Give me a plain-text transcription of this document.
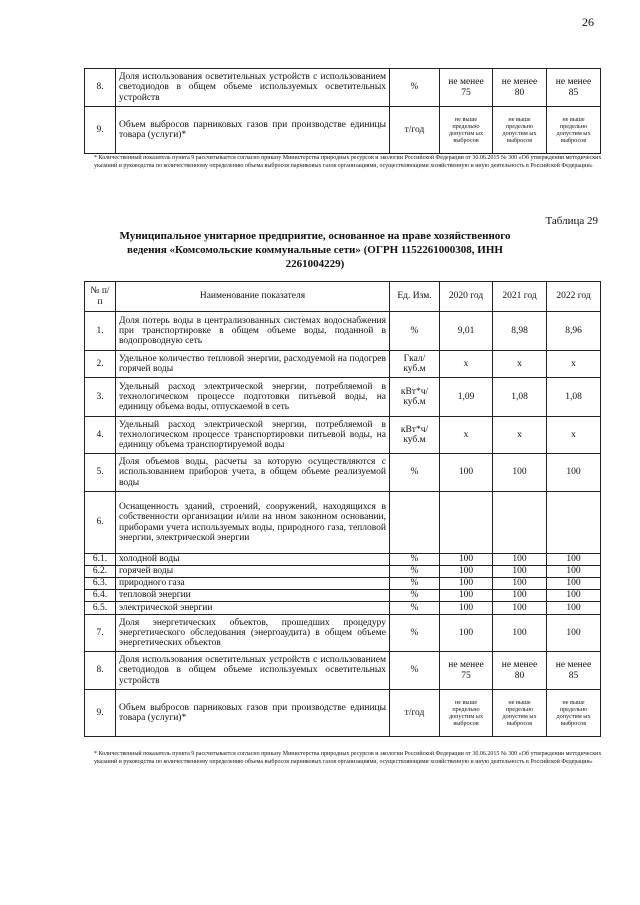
26
8.	Доля использования осветительных устройств с использованием светодиодов в общем объеме используемых осветительных устройств	%	не менее 75	не менее 80	не менее 85
9.	Объем выбросов парниковых газов при производстве единицы товара (услуги)*	т/год	не выше предельно допустим ых выбросов	не выше предельно допустим ых выбросов	не выше предельно допустим ых выбросов
* Количественный показатель пункта 9 рассчитывается согласно приказу Министерства природных ресурсов и экологии Российской Федерации от 30.06.2015 № 300 «Об утверждении методических указаний и руководства по количественному определению объема выбросов парниковых газов организациями, осуществляющими хозяйственную и иную деятельность в Российской Федерации»
Таблица 29
Муниципальное унитарное предприятие, основанное на праве хозяйственного ведения «Комсомольские коммунальные сети» (ОГРН 1152261000308, ИНН 2261004229)
№ п/п	Наименование показателя	Ед. Изм.	2020 год	2021 год	2022 год
1.	Доля потерь воды в централизованных системах водоснабжения при транспортировке в общем объеме воды, поданной в водопроводную сеть	%	9,01	8,98	8,96
2.	Удельное количество тепловой энергии, расходуемой на подогрев горячей воды	Гкал/ куб.м	х	х	х
3.	Удельный расход электрической энергии, потребляемой в технологическом процессе подготовки питьевой воды, на единицу объема воды, отпускаемой в сеть	кВт*ч/ куб.м	1,09	1,08	1,08
4.	Удельный расход электрической энергии, потребляемой в технологическом процессе транспортировки питьевой воды, на единицу объема транспортируемой воды	кВт*ч/ куб.м	х	х	х
5.	Доля объемов воды, расчеты за которую осуществляются с использованием приборов учета, в общем объеме реализуемой воды	%	100	100	100
6.	Оснащенность зданий, строений, сооружений, находящихся в собственности организации и/или на ином законном основании, приборами учета используемых воды, природного газа, тепловой энергии, электрической энергии				
6.1.	холодной воды	%	100	100	100
6.2.	горячей воды	%	100	100	100
6.3.	природного газа	%	100	100	100
6.4.	тепловой энергии	%	100	100	100
6.5.	электрической энергии	%	100	100	100
7.	Доля энергетических объектов, прошедших процедуру энергетического обследования (энергоаудита) в общем объеме энергетических объектов	%	100	100	100
8.	Доля использования осветительных устройств с использованием светодиодов в общем объеме используемых осветительных устройств	%	не менее 75	не менее 80	не менее 85
9.	Объем выбросов парниковых газов при производстве единицы товара (услуги)*	т/год	не выше предельно допустим ых выбросов	не выше предельно допустим ых выбросов	не выше предельно допустим ых выбросов
* Количественный показатель пункта 9 рассчитывается согласно приказу Министерства природных ресурсов и экологии Российской Федерации от 30.06.2015 № 300 «Об утверждении методических указаний и руководства по количественному определению объема выбросов парниковых газов организациями, осуществляющими хозяйственную и иную деятельность в Российской Федерации»
